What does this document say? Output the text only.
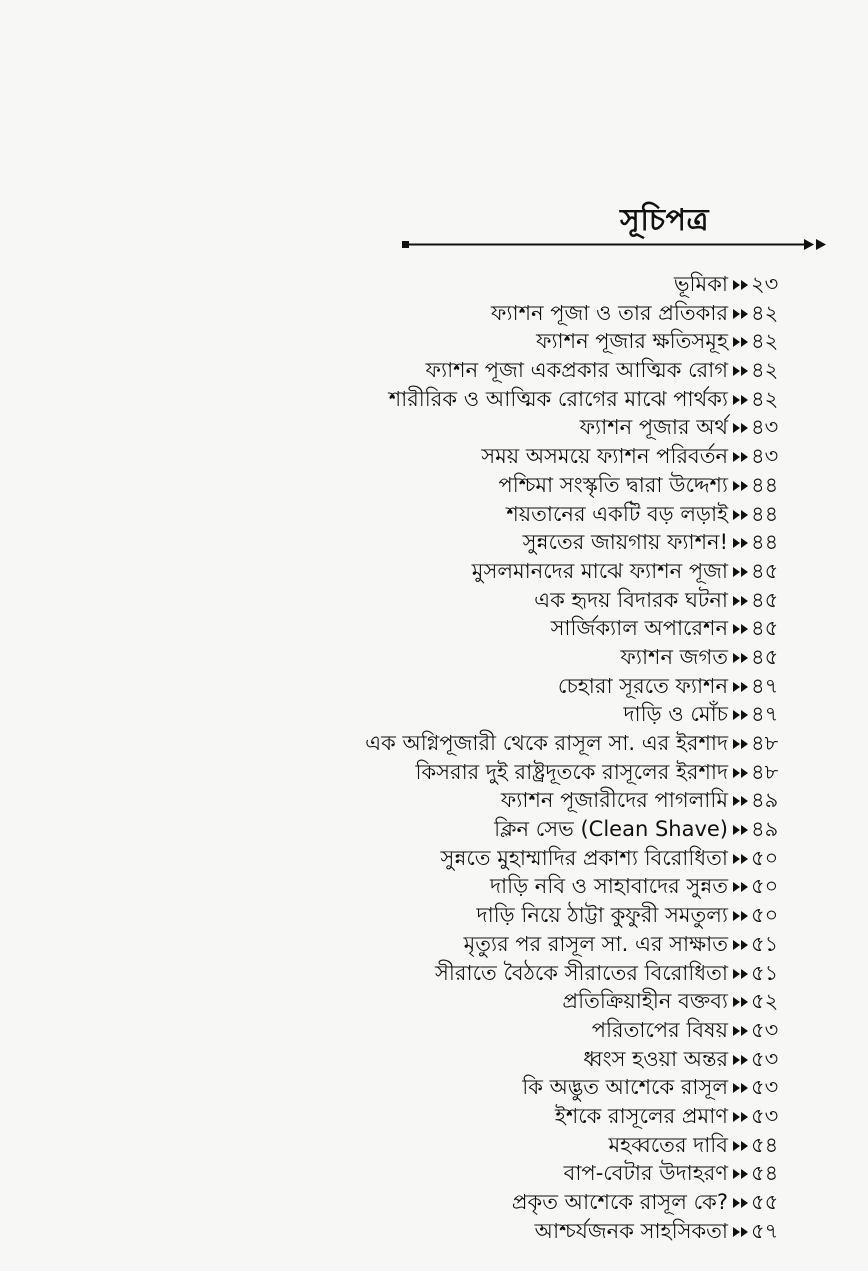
সূচিপত্র
ভূমিকা ২৩
ফ্যাশন পূজা ও তার প্রতিকার ৪২
ফ্যাশন পূজার ক্ষতিসমূহ ৪২
ফ্যাশন পূজা একপ্রকার আত্মিক রোগ ৪২
শারীরিক ও আত্মিক রোগের মাঝে পার্থক্য ৪২
ফ্যাশন পূজার অর্থ ৪৩
সময় অসময়ে ফ্যাশন পরিবর্তন ৪৩
পশ্চিমা সংস্কৃতি দ্বারা উদ্দেশ্য ৪৪
শয়তানের একটি বড় লড়াই ৪৪
সুন্নতের জায়গায় ফ্যাশন! ৪৪
মুসলমানদের মাঝে ফ্যাশন পূজা ৪৫
এক হৃদয় বিদারক ঘটনা ৪৫
সার্জিক্যাল অপারেশন ৪৫
ফ্যাশন জগত ৪৫
চেহারা সূরতে ফ্যাশন ৪৭
দাড়ি ও মোঁচ ৪৭
এক অগ্নিপূজারী থেকে রাসূল সা. এর ইরশাদ ৪৮
কিসরার দুই রাষ্ট্রদূতকে রাসূলের ইরশাদ ৪৮
ফ্যাশন পূজারীদের পাগলামি ৪৯
ক্লিন সেভ (Clean Shave) ৪৯
সুন্নতে মুহাম্মাদির প্রকাশ্য বিরোধিতা ৫০
দাড়ি নবি ও সাহাবাদের সুন্নত ৫০
দাড়ি নিয়ে ঠাট্টা কুফুরী সমতুল্য ৫০
মৃত্যুর পর রাসূল সা. এর সাক্ষাত ৫১
সীরাতে বৈঠকে সীরাতের বিরোধিতা ৫১
প্রতিক্রিয়াহীন বক্তব্য ৫২
পরিতাপের বিষয় ৫৩
ধ্বংস হওয়া অন্তর ৫৩
কি অদ্ভুত আশেকে রাসূল ৫৩
ইশকে রাসূলের প্রমাণ ৫৩
মহব্বতের দাবি ৫৪
বাপ-বেটার উদাহরণ ৫৪
প্রকৃত আশেকে রাসূল কে? ৫৫
আশ্চর্যজনক সাহসিকতা ৫৭
